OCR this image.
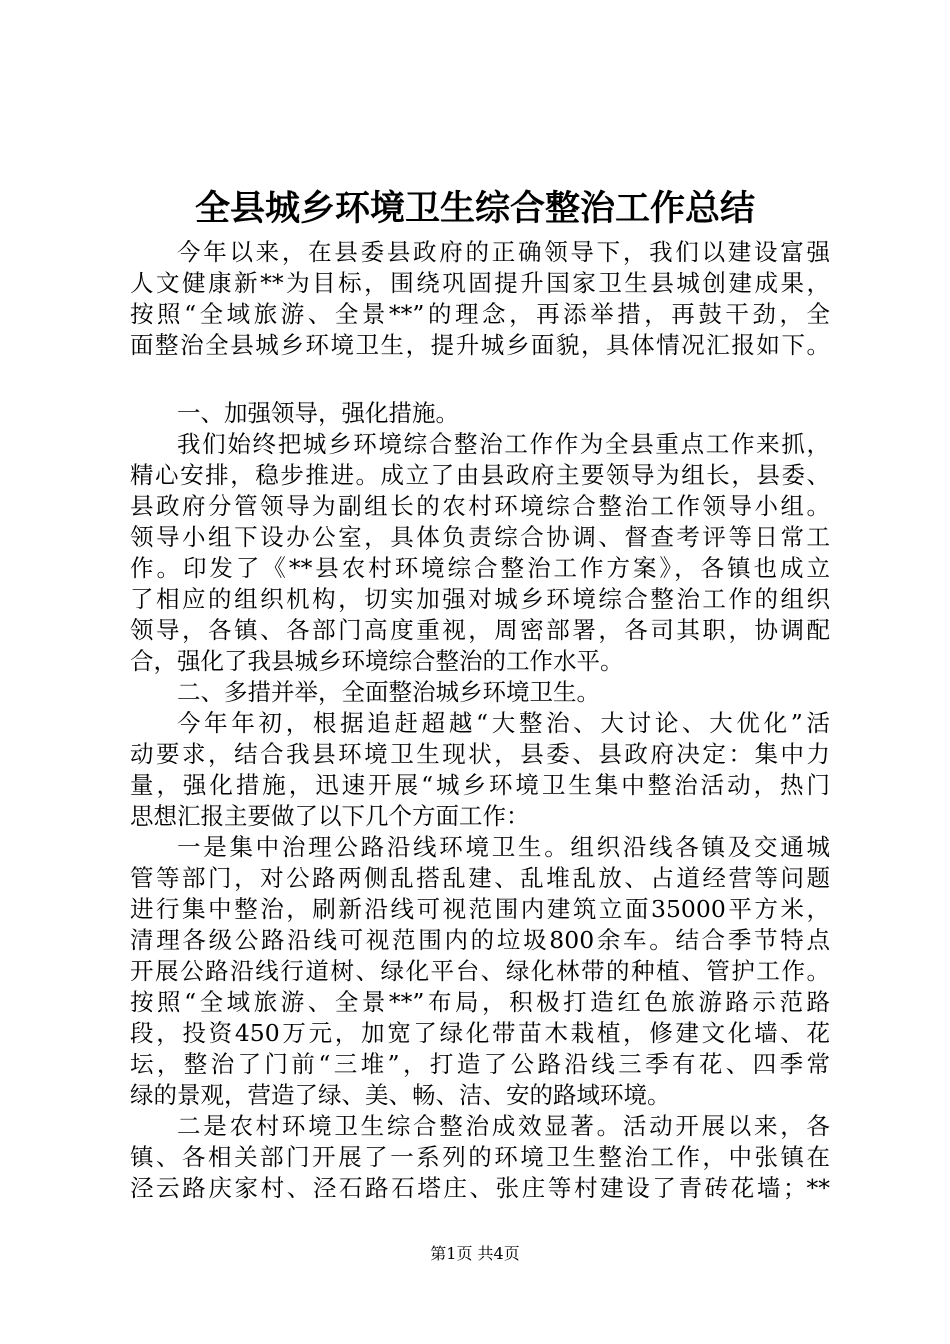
全县城乡环境卫生综合整治工作总结
今年以来，在县委县政府的正确领导下，我们以建设富强
人文健康新**为目标，围绕巩固提升国家卫生县城创建成果，
按照“全域旅游、全景**”的理念，再添举措，再鼓干劲，全
面整治全县城乡环境卫生，提升城乡面貌，具体情况汇报如下。
一、加强领导，强化措施。
我们始终把城乡环境综合整治工作作为全县重点工作来抓，
精心安排，稳步推进。成立了由县政府主要领导为组长，县委、
县政府分管领导为副组长的农村环境综合整治工作领导小组。
领导小组下设办公室，具体负责综合协调、督查考评等日常工
作。印发了《**县农村环境综合整治工作方案》，各镇也成立
了相应的组织机构，切实加强对城乡环境综合整治工作的组织
领导，各镇、各部门高度重视，周密部署，各司其职，协调配
合，强化了我县城乡环境综合整治的工作水平。
二、多措并举，全面整治城乡环境卫生。
今年年初，根据追赶超越“大整治、大讨论、大优化”活
动要求，结合我县环境卫生现状，县委、县政府决定：集中力
量，强化措施，迅速开展“城乡环境卫生集中整治活动，热门
思想汇报主要做了以下几个方面工作：
一是集中治理公路沿线环境卫生。组织沿线各镇及交通城
管等部门，对公路两侧乱搭乱建、乱堆乱放、占道经营等问题
进行集中整治，刷新沿线可视范围内建筑立面35000平方米，
清理各级公路沿线可视范围内的垃圾800余车。结合季节特点
开展公路沿线行道树、绿化平台、绿化林带的种植、管护工作。
按照“全域旅游、全景**”布局，积极打造红色旅游路示范路
段，投资450万元，加宽了绿化带苗木栽植，修建文化墙、花
坛，整治了门前“三堆”，打造了公路沿线三季有花、四季常
绿的景观，营造了绿、美、畅、洁、安的路域环境。
二是农村环境卫生综合整治成效显著。活动开展以来，各
镇、各相关部门开展了一系列的环境卫生整治工作，中张镇在
泾云路庆家村、泾石路石塔庄、张庄等村建设了青砖花墙；**
第1页 共4页
